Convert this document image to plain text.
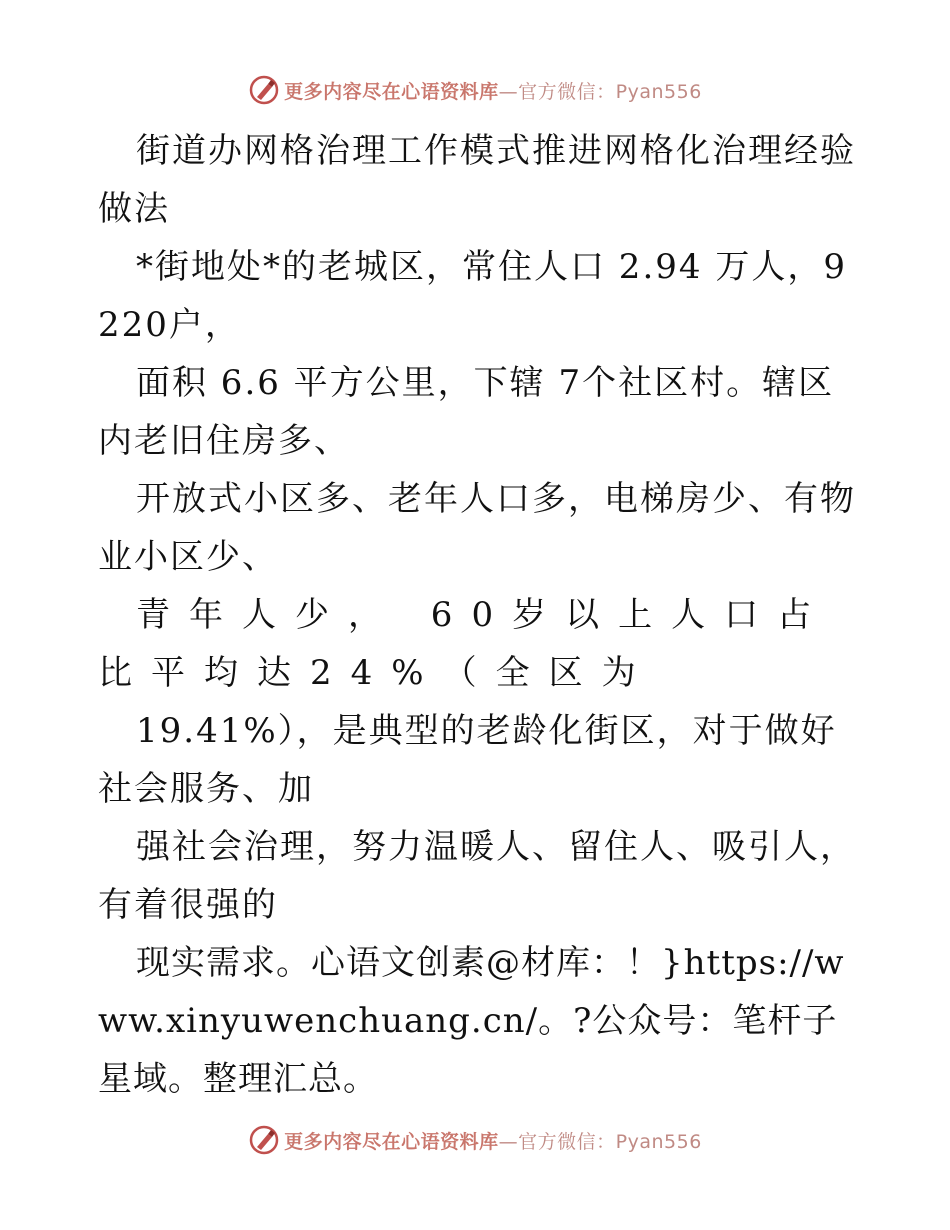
更多内容尽在心语资料库—官方微信：Pyan556

街道办网格治理工作模式推进网格化治理经验做法

*街地处*的老城区，常住人口 2.94 万人，9220户，

面积 6.6 平方公里，下辖 7个社区村。辖区内老旧住房多、

开放式小区多、老年人口多，电梯房少、有物业小区少、

青年人少， 60岁以上人口占比平均达24%（全区为

19.41%），是典型的老龄化街区，对于做好社会服务、加

强社会治理，努力温暖人、留住人、吸引人，有着很强的

现实需求。心语文创素@材库：！}https://www.xinyuwenchuang.cn/。?公众号：笔杆子星域。整理汇总。

更多内容尽在心语资料库—官方微信：Pyan556
